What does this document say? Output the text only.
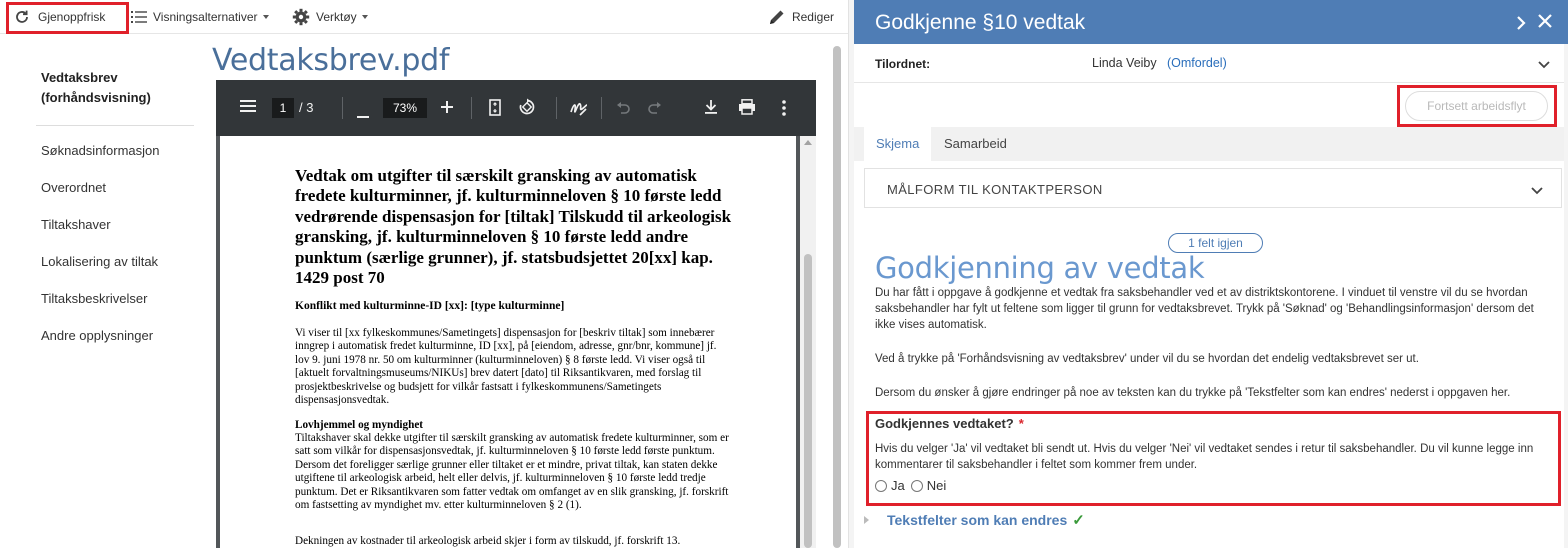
Gjenoppfrisk	Visningsalternativer	Verktøy	Rediger
Vedtaksbrev (forhåndsvisning)
Søknadsinformasjon
Overordnet
Tiltakshaver
Lokalisering av tiltak
Tiltaksbeskrivelser
Andre opplysninger
Vedtaksbrev.pdf
1 / 3	73%
Vedtak om utgifter til særskilt gransking av automatisk fredete kulturminner, jf. kulturminneloven § 10 første ledd vedrørende dispensasjon for [tiltak] Tilskudd til arkeologisk gransking, jf. kulturminneloven § 10 første ledd andre punktum (særlige grunner), jf. statsbudsjettet 20[xx] kap. 1429 post 70
Konflikt med kulturminne-ID [xx]: [type kulturminne]
Vi viser til [xx fylkeskommunes/Sametingets] dispensasjon for [beskriv tiltak] som innebærer inngrep i automatisk fredet kulturminne, ID [xx], på [eiendom, adresse, gnr/bnr, kommune] jf. lov 9. juni 1978 nr. 50 om kulturminner (kulturminneloven) § 8 første ledd. Vi viser også til [aktuelt forvaltningsmuseums/NIKUs] brev datert [dato] til Riksantikvaren, med forslag til prosjektbeskrivelse og budsjett for vilkår fastsatt i fylkeskommunens/Sametingets dispensasjonsvedtak.
Lovhjemmel og myndighet
Tiltakshaver skal dekke utgifter til særskilt gransking av automatisk fredete kulturminner, som er satt som vilkår for dispensasjonsvedtak, jf. kulturminneloven § 10 første ledd første punktum. Dersom det foreligger særlige grunner eller tiltaket er et mindre, privat tiltak, kan staten dekke utgiftene til arkeologisk arbeid, helt eller delvis, jf. kulturminneloven § 10 første ledd tredje punktum. Det er Riksantikvaren som fatter vedtak om omfanget av en slik gransking, jf. forskrift om fastsetting av myndighet mv. etter kulturminneloven § 2 (1).
Dekningen av kostnader til arkeologisk arbeid skjer i form av tilskudd, jf. forskrift 13.
Godkjenne §10 vedtak
Tilordnet:	Linda Veiby (Omfordel)
Fortsett arbeidsflyt
Skjema	Samarbeid
MÅLFORM TIL KONTAKTPERSON
1 felt igjen
Godkjenning av vedtak

Du har fått i oppgave å godkjenne et vedtak fra saksbehandler ved et av distriktskontorene. I vinduet til venstre vil du se hvordan saksbehandler har fylt ut feltene som ligger til grunn for vedtaksbrevet. Trykk på 'Søknad' og 'Behandlingsinformasjon' dersom det ikke vises automatisk.

Ved å trykke på 'Forhåndsvisning av vedtaksbrev' under vil du se hvordan det endelig vedtaksbrevet ser ut.

Dersom du ønsker å gjøre endringer på noe av teksten kan du trykke på 'Tekstfelter som kan endres' nederst i oppgaven her.

Godkjennes vedtaket? *
Hvis du velger 'Ja' vil vedtaket bli sendt ut. Hvis du velger 'Nei' vil vedtaket sendes i retur til saksbehandler. Du vil kunne legge inn kommentarer til saksbehandler i feltet som kommer frem under.
Ja Nei
Tekstfelter som kan endres ✓
